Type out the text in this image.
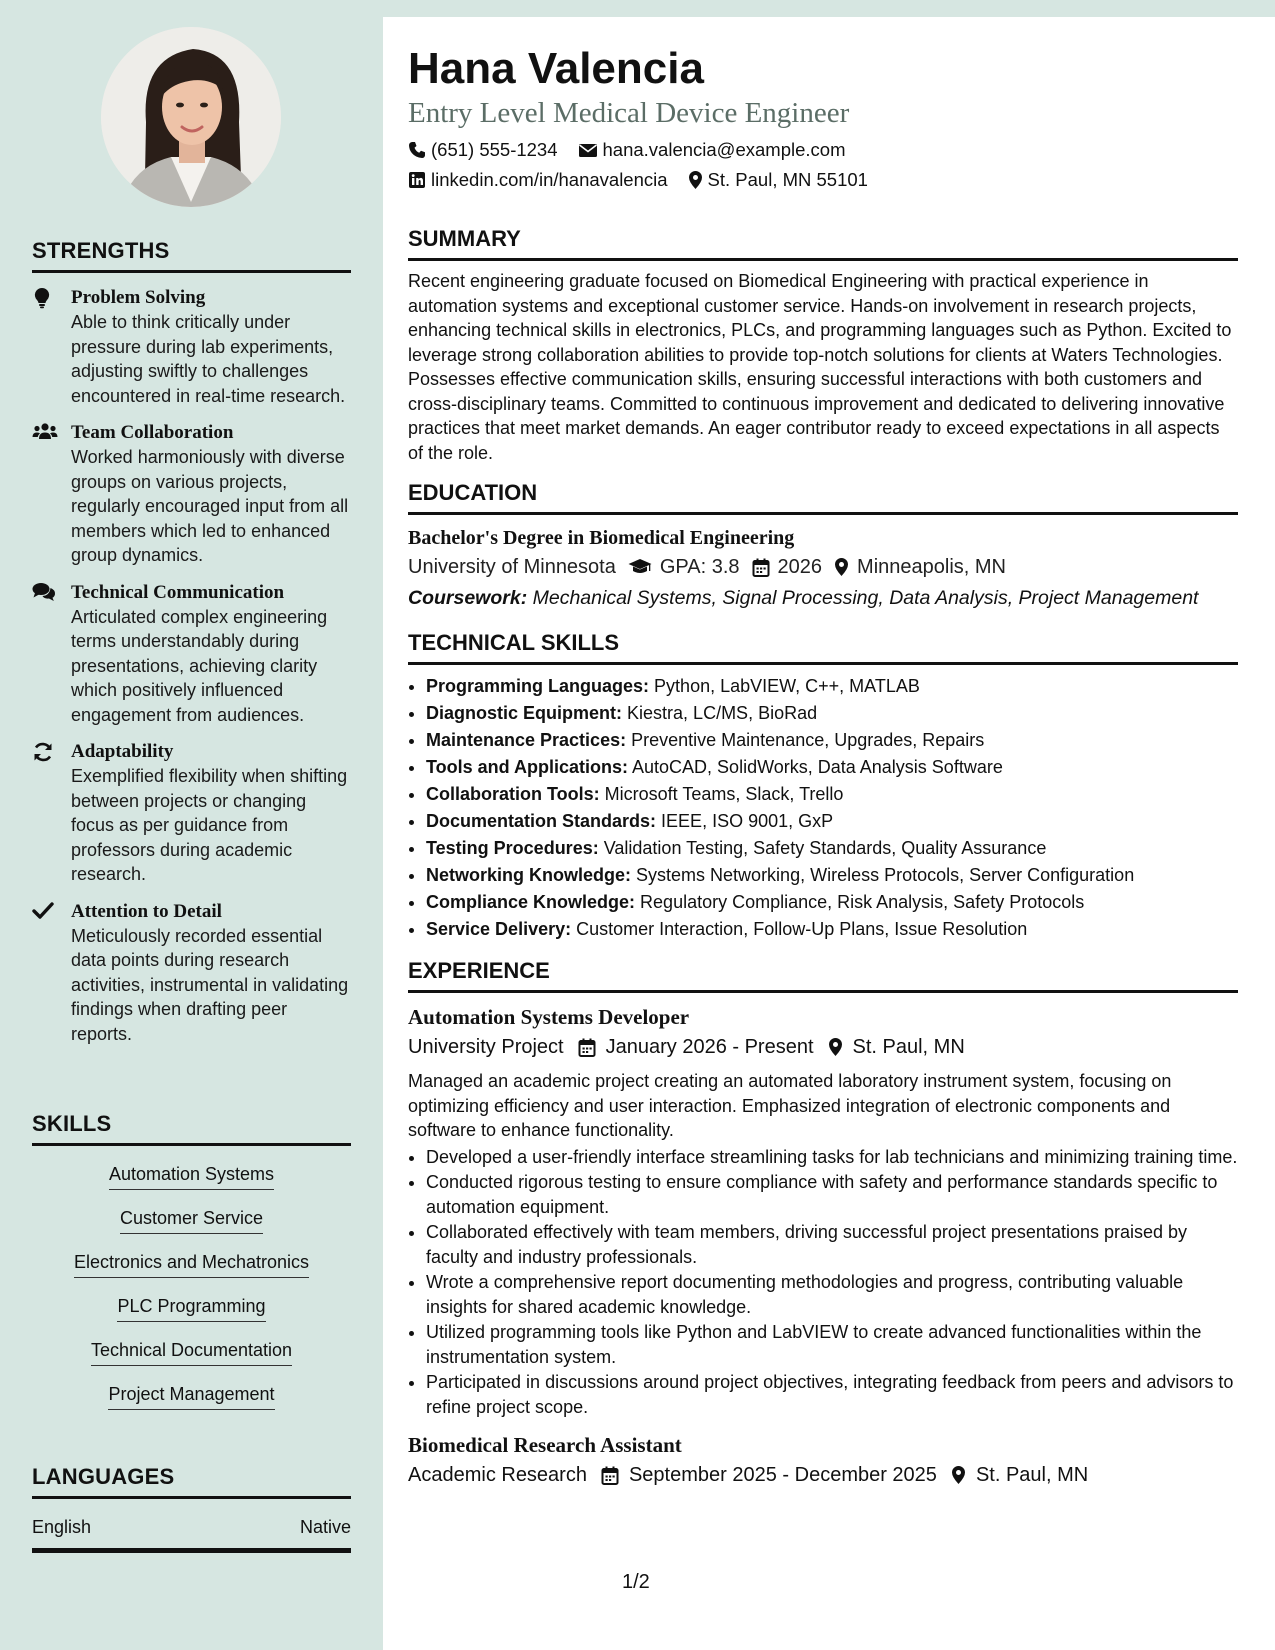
STRENGTHS
Problem Solving
Able to think critically under pressure during lab experiments, adjusting swiftly to challenges encountered in real-time research.
Team Collaboration
Worked harmoniously with diverse groups on various projects, regularly encouraged input from all members which led to enhanced group dynamics.
Technical Communication
Articulated complex engineering terms understandably during presentations, achieving clarity which positively influenced engagement from audiences.
Adaptability
Exemplified flexibility when shifting between projects or changing focus as per guidance from professors during academic research.
Attention to Detail
Meticulously recorded essential data points during research activities, instrumental in validating findings when drafting peer reports.
SKILLS
Automation Systems
Customer Service
Electronics and Mechatronics
PLC Programming
Technical Documentation
Project Management
LANGUAGES
English	Native
Hana Valencia
Entry Level Medical Device Engineer
(651) 555-1234 hana.valencia@example.com
linkedin.com/in/hanavalencia St. Paul, MN 55101
SUMMARY

Recent engineering graduate focused on Biomedical Engineering with practical experience in automation systems and exceptional customer service. Hands-on involvement in research projects, enhancing technical skills in electronics, PLCs, and programming languages such as Python. Excited to leverage strong collaboration abilities to provide top-notch solutions for clients at Waters Technologies. Possesses effective communication skills, ensuring successful interactions with both customers and cross-disciplinary teams. Committed to continuous improvement and dedicated to delivering innovative practices that meet market demands. An eager contributor ready to exceed expectations in all aspects of the role.

EDUCATION
Bachelor's Degree in Biomedical Engineering
University of Minnesota GPA: 3.8 2026 Minneapolis, MN
Coursework: Mechanical Systems, Signal Processing, Data Analysis, Project Management
TECHNICAL SKILLS
• Programming Languages: Python, LabVIEW, C++, MATLAB
• Diagnostic Equipment: Kiestra, LC/MS, BioRad
• Maintenance Practices: Preventive Maintenance, Upgrades, Repairs
• Tools and Applications: AutoCAD, SolidWorks, Data Analysis Software
• Collaboration Tools: Microsoft Teams, Slack, Trello
• Documentation Standards: IEEE, ISO 9001, GxP
• Testing Procedures: Validation Testing, Safety Standards, Quality Assurance
• Networking Knowledge: Systems Networking, Wireless Protocols, Server Configuration
• Compliance Knowledge: Regulatory Compliance, Risk Analysis, Safety Protocols
• Service Delivery: Customer Interaction, Follow-Up Plans, Issue Resolution
EXPERIENCE
Automation Systems Developer
University Project January 2026 - Present St. Paul, MN
Managed an academic project creating an automated laboratory instrument system, focusing on optimizing efficiency and user interaction. Emphasized integration of electronic components and software to enhance functionality.
• Developed a user-friendly interface streamlining tasks for lab technicians and minimizing training time.
• Conducted rigorous testing to ensure compliance with safety and performance standards specific to automation equipment.
• Collaborated effectively with team members, driving successful project presentations praised by faculty and industry professionals.
• Wrote a comprehensive report documenting methodologies and progress, contributing valuable insights for shared academic knowledge.
• Utilized programming tools like Python and LabVIEW to create advanced functionalities within the instrumentation system.
• Participated in discussions around project objectives, integrating feedback from peers and advisors to refine project scope.
Biomedical Research Assistant
Academic Research September 2025 - December 2025 St. Paul, MN
1/2
